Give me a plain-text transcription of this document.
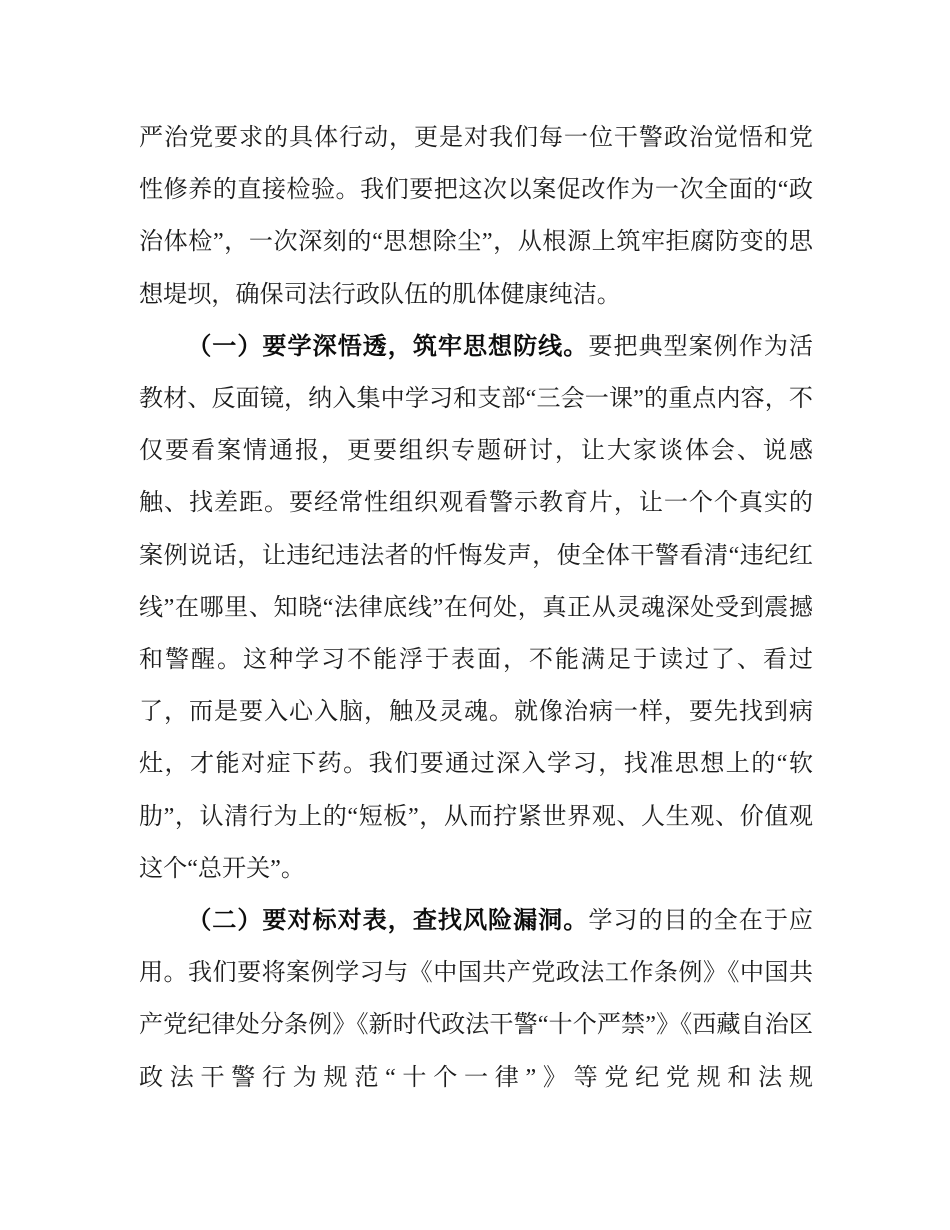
严治党要求的具体行动，更是对我们每一位干警政治觉悟和党性修养的直接检验。我们要把这次以案促改作为一次全面的“政治体检”，一次深刻的“思想除尘”，从根源上筑牢拒腐防变的思想堤坝，确保司法行政队伍的肌体健康纯洁。

（一）要学深悟透，筑牢思想防线。要把典型案例作为活教材、反面镜，纳入集中学习和支部“三会一课”的重点内容，不仅要看案情通报，更要组织专题研讨，让大家谈体会、说感触、找差距。要经常性组织观看警示教育片，让一个个真实的案例说话，让违纪违法者的忏悔发声，使全体干警看清“违纪红线”在哪里、知晓“法律底线”在何处，真正从灵魂深处受到震撼和警醒。这种学习不能浮于表面，不能满足于读过了、看过了，而是要入心入脑，触及灵魂。就像治病一样，要先找到病灶，才能对症下药。我们要通过深入学习，找准思想上的“软肋”，认清行为上的“短板”，从而拧紧世界观、人生观、价值观这个“总开关”。

（二）要对标对表，查找风险漏洞。学习的目的全在于应用。我们要将案例学习与《中国共产党政法工作条例》《中国共产党纪律处分条例》《新时代政法干警“十个严禁”》《西藏自治区政法干警行为规范“十个一律”》等党纪党规和法规
